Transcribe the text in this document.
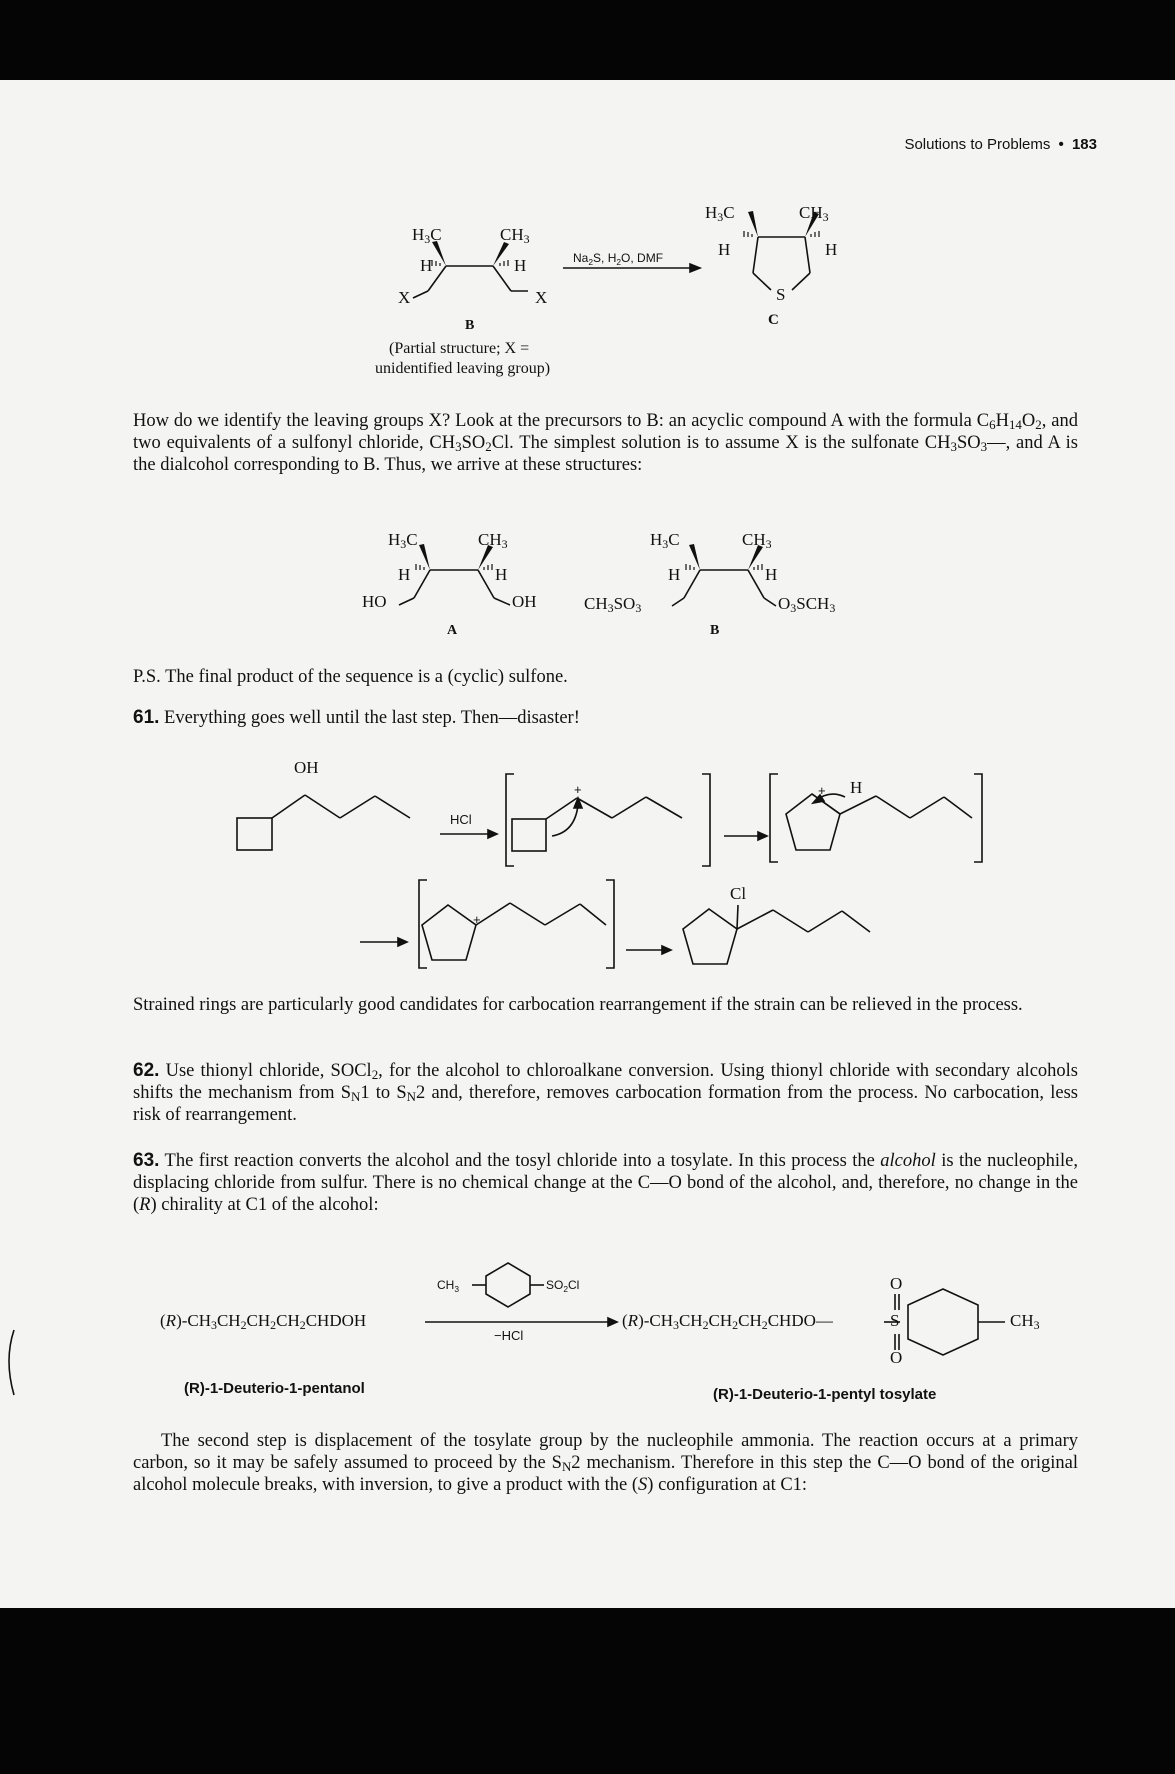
Solutions to Problems • 183
$H_3C$	$CH_3$
H	H
X	X
B
(Partial structure; X =
unidentified leaving group)
$Na_2S$, $H_2O$, DMF
$H_3C$	$CH_3$
H	H
S
C
How do we identify the leaving groups X? Look at the precursors to B: an acyclic compound A with the formula $C_6H_{14}O_2$, and two equivalents of a sulfonyl chloride, $CH_3SO_2Cl$. The simplest solution is to assume X is the sulfonate $CH_3SO_3—$, and A is the dialcohol corresponding to B. Thus, we arrive at these structures:
$H_3C$	$CH_3$
H	H
HO	OH
A
$H_3C$	$CH_3$
H	H
$CH_3SO_3$	$O_3SCH_3$
B
P.S. The final product of the sequence is a (cyclic) sulfone.
61. Everything goes well until the last step. Then—disaster!
OH
HCl
+	+ H
+
Cl
Strained rings are particularly good candidates for carbocation rearrangement if the strain can be relieved in the process.
62. Use thionyl chloride, SOCl$_2$, for the alcohol to chloroalkane conversion. Using thionyl chloride with secondary alcohols shifts the mechanism from $S_N1$ to $S_N2$ and, therefore, removes carbocation formation from the process. No carbocation, less risk of rearrangement.
63. The first reaction converts the alcohol and the tosyl chloride into a tosylate. In this process the alcohol is the nucleophile, displacing chloride from sulfur. There is no chemical change at the C—O bond of the alcohol, and, therefore, no change in the (R) chirality at C1 of the alcohol:
$(R)-CH_3CH_2CH_2CH_2CHDOH$
$CH_3$	$SO_2Cl$
−HCl
$(R)-CH_3CH_2CH_2CH_2CHDO—$	S
O
O
$CH_3$
(R)-1-Deuterio-1-pentanol	(R)-1-Deuterio-1-pentyl tosylate
The second step is displacement of the tosylate group by the nucleophile ammonia. The reaction occurs at a primary carbon, so it may be safely assumed to proceed by the $S_N2$ mechanism. Therefore in this step the C—O bond of the original alcohol molecule breaks, with inversion, to give a product with the (S) configuration at C1:
